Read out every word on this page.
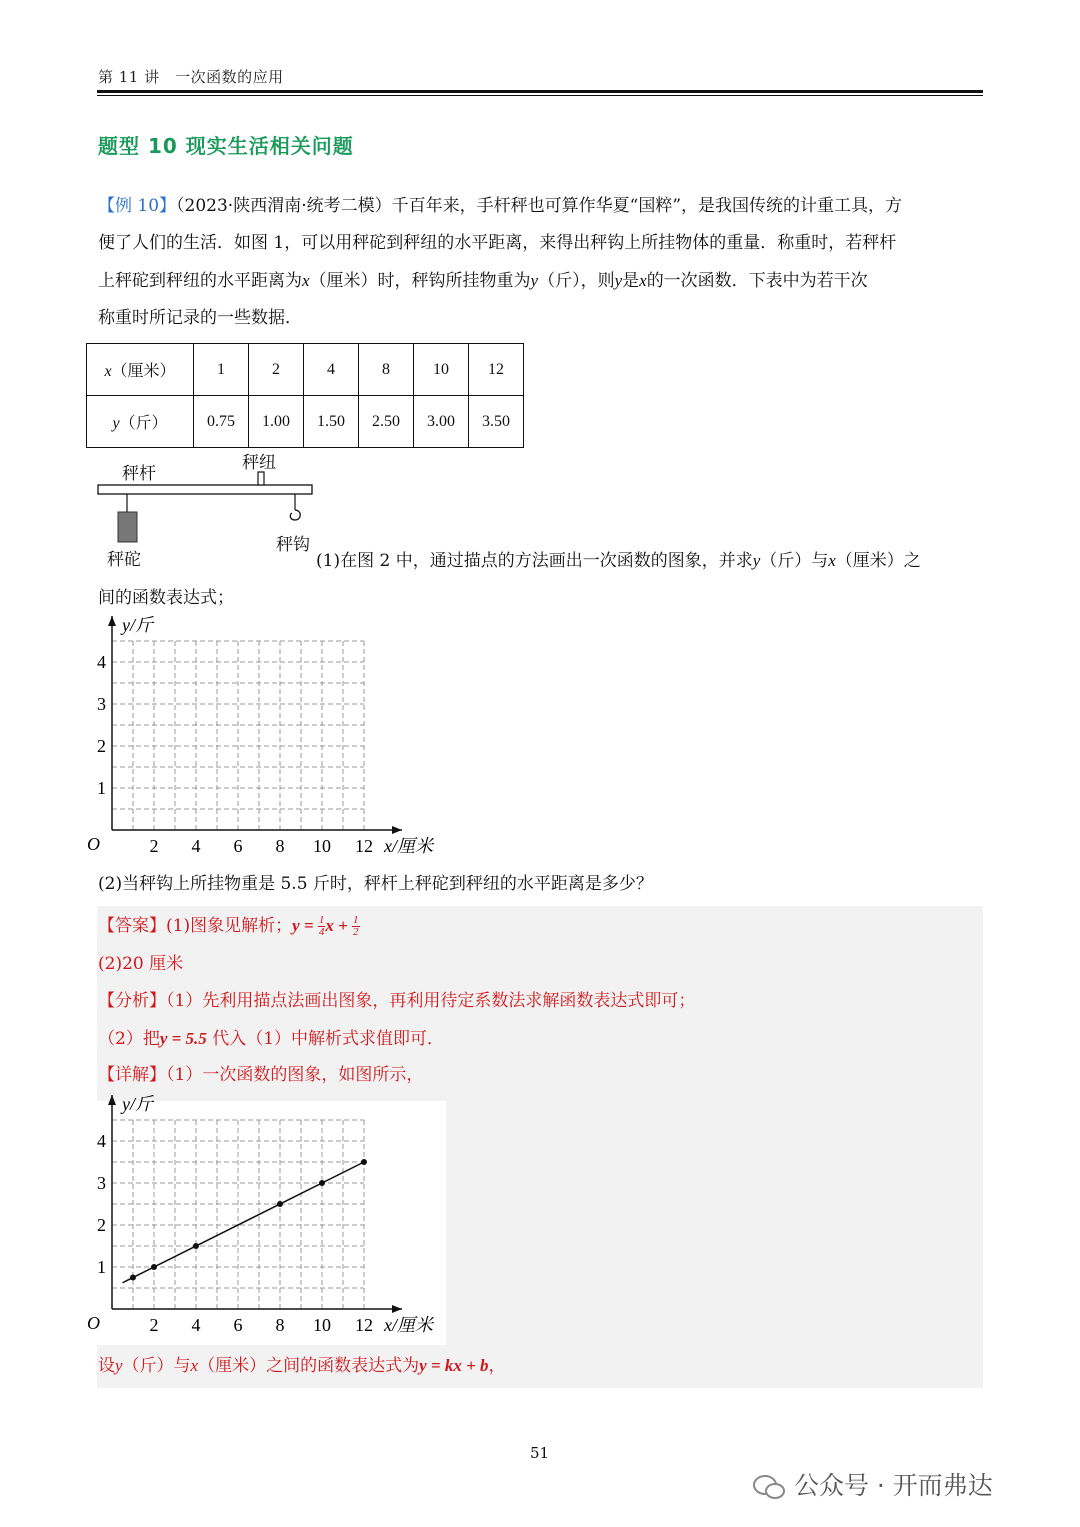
第 11 讲　一次函数的应用
题型 10 现实生活相关问题
【例 10】（2023·陕西渭南·统考二模）千百年来，手杆秤也可算作华夏“国粹”，是我国传统的计重工具，方
便了人们的生活．如图 1，可以用秤砣到秤纽的水平距离，来得出秤钩上所挂物体的重量．称重时，若秤杆
上秤砣到秤纽的水平距离为x（厘米）时，秤钩所挂物重为y（斤），则y是x的一次函数．下表中为若干次
称重时所记录的一些数据．
x（厘米）	1	2	4	8	10	12
y（斤）	0.75	1.00	1.50	2.50	3.00	3.50
秤杆
秤纽
秤砣
秤钩
(1)在图 2 中，通过描点的方法画出一次函数的图象，并求y（斤）与x（厘米）之
间的函数表达式；
2 4 6 8 10 12
1
2
3
4
O	x/厘米
y/斤
(2)当秤钩上所挂物重是 5.5 斤时，秤杆上秤砣到秤纽的水平距离是多少？
【答案】(1)图象见解析；$y = \frac{1}{4}$ $x + \frac{1}{2}$
(2)20 厘米
【分析】（1）先利用描点法画出图象，再利用待定系数法求解函数表达式即可；
（2）把y = 5.5 代入（1）中解析式求值即可．
【详解】（1）一次函数的图象，如图所示，
2 4 6 8 10 12
1
2
3
4
O	x/厘米
y/斤
设y（斤）与x（厘米）之间的函数表达式为y = kx + b，
51
公众号 · 开而弗达
